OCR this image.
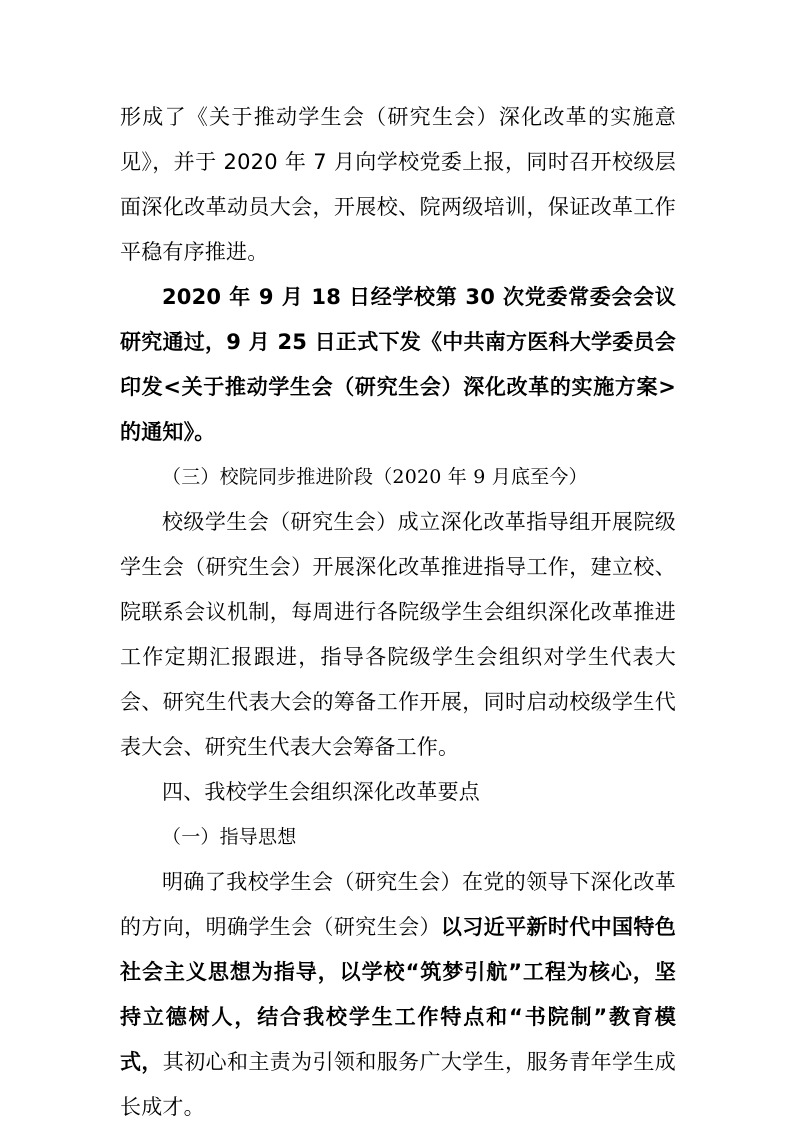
形成了《关于推动学生会（研究生会）深化改革的实施意见》，并于 2020 年 7 月向学校党委上报，同时召开校级层面深化改革动员大会，开展校、院两级培训，保证改革工作平稳有序推进。

2020 年 9 月 18 日经学校第 30 次党委常委会会议研究通过，9 月 25 日正式下发《中共南方医科大学委员会印发<关于推动学生会（研究生会）深化改革的实施方案>的通知》。

（三）校院同步推进阶段（2020 年 9 月底至今）

校级学生会（研究生会）成立深化改革指导组开展院级学生会（研究生会）开展深化改革推进指导工作，建立校、院联系会议机制，每周进行各院级学生会组织深化改革推进工作定期汇报跟进，指导各院级学生会组织对学生代表大会、研究生代表大会的筹备工作开展，同时启动校级学生代表大会、研究生代表大会筹备工作。

四、我校学生会组织深化改革要点

（一）指导思想

明确了我校学生会（研究生会）在党的领导下深化改革的方向，明确学生会（研究生会）以习近平新时代中国特色社会主义思想为指导，以学校“筑梦引航”工程为核心，坚持立德树人，结合我校学生工作特点和“书院制”教育模式，其初心和主责为引领和服务广大学生，服务青年学生成长成才。
